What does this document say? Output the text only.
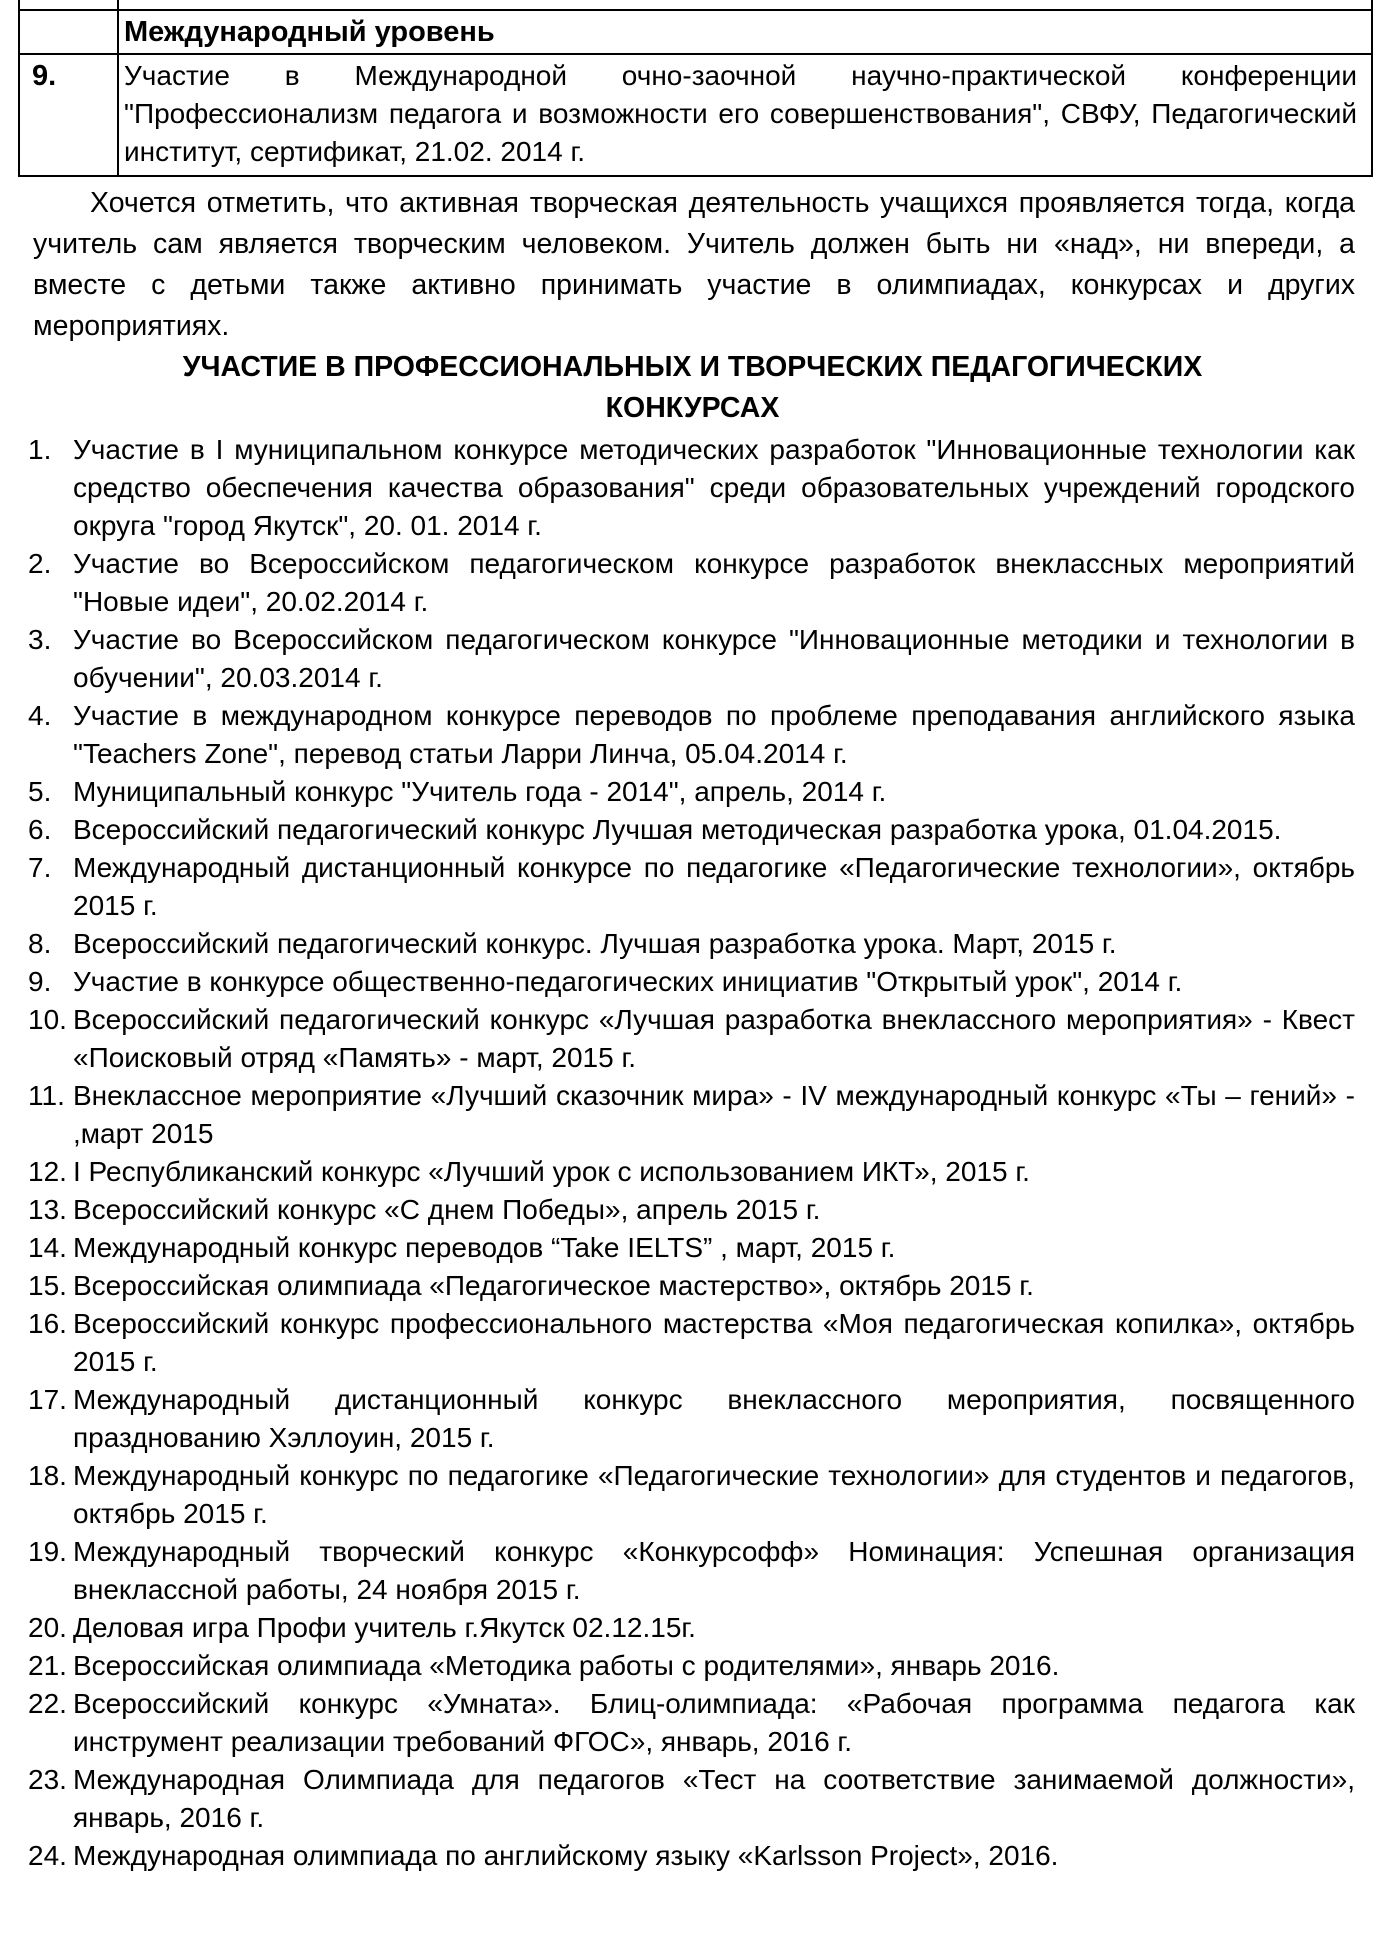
	Международный уровень
9.	Участие в Международной очно-заочной научно-практической конференции "Профессионализм педагога и возможности его совершенствования", СВФУ, Педагогический институт, сертификат, 21.02. 2014 г.
Хочется отметить, что активная творческая деятельность учащихся проявляется тогда, когда учитель сам является творческим человеком. Учитель должен быть ни «над», ни впереди, а вместе с детьми также активно принимать участие в олимпиадах, конкурсах и других мероприятиях.
УЧАСТИЕ В ПРОФЕССИОНАЛЬНЫХ И ТВОРЧЕСКИХ ПЕДАГОГИЧЕСКИХ
КОНКУРСАХ
1. Участие в I муниципальном конкурсе методических разработок "Инновационные технологии как средство обеспечения качества образования" среди образовательных учреждений городского округа "город Якутск", 20. 01. 2014 г.
2. Участие во Всероссийском педагогическом конкурсе разработок внеклассных мероприятий "Новые идеи", 20.02.2014 г.
3. Участие во Всероссийском педагогическом конкурсе "Инновационные методики и технологии в обучении", 20.03.2014 г.
4. Участие в международном конкурсе переводов по проблеме преподавания английского языка "Teachers Zone", перевод статьи Ларри Линча, 05.04.2014 г.
5. Муниципальный конкурс "Учитель года - 2014", апрель, 2014 г.
6. Всероссийский педагогический конкурс Лучшая методическая разработка урока, 01.04.2015.
7. Международный дистанционный конкурсе по педагогике «Педагогические технологии», октябрь 2015 г.
8. Всероссийский педагогический конкурс. Лучшая разработка урока. Март, 2015 г.
9. Участие в конкурсе общественно-педагогических инициатив "Открытый урок", 2014 г.
10. Всероссийский педагогический конкурс «Лучшая разработка внеклассного мероприятия» - Квест «Поисковый отряд «Память» - март, 2015 г.
11. Внеклассное мероприятие «Лучший сказочник мира» - IV международный конкурс «Ты – гений» - ,март 2015
12. I Республиканский конкурс «Лучший урок с использованием ИКТ», 2015 г.
13. Всероссийский конкурс «С днем Победы», апрель 2015 г.
14. Международный конкурс переводов “Take IELTS” , март, 2015 г.
15. Всероссийская олимпиада «Педагогическое мастерство», октябрь 2015 г.
16. Всероссийский конкурс профессионального мастерства «Моя педагогическая копилка», октябрь 2015 г.
17. Международный дистанционный конкурс внеклассного мероприятия, посвященного празднованию Хэллоуин, 2015 г.
18. Международный конкурс по педагогике «Педагогические технологии» для студентов и педагогов, октябрь 2015 г.
19. Международный творческий конкурс «Конкурсофф» Номинация: Успешная организация внеклассной работы, 24 ноября 2015 г.
20. Деловая игра Профи учитель г.Якутск 02.12.15г.
21. Всероссийская олимпиада «Методика работы с родителями», январь 2016.
22. Всероссийский конкурс «Умната». Блиц-олимпиада: «Рабочая программа педагога как инструмент реализации требований ФГОС», январь, 2016 г.
23. Международная Олимпиада для педагогов «Тест на соответствие занимаемой должности», январь, 2016 г.
24. Международная олимпиада по английскому языку «Karlsson Project», 2016.
